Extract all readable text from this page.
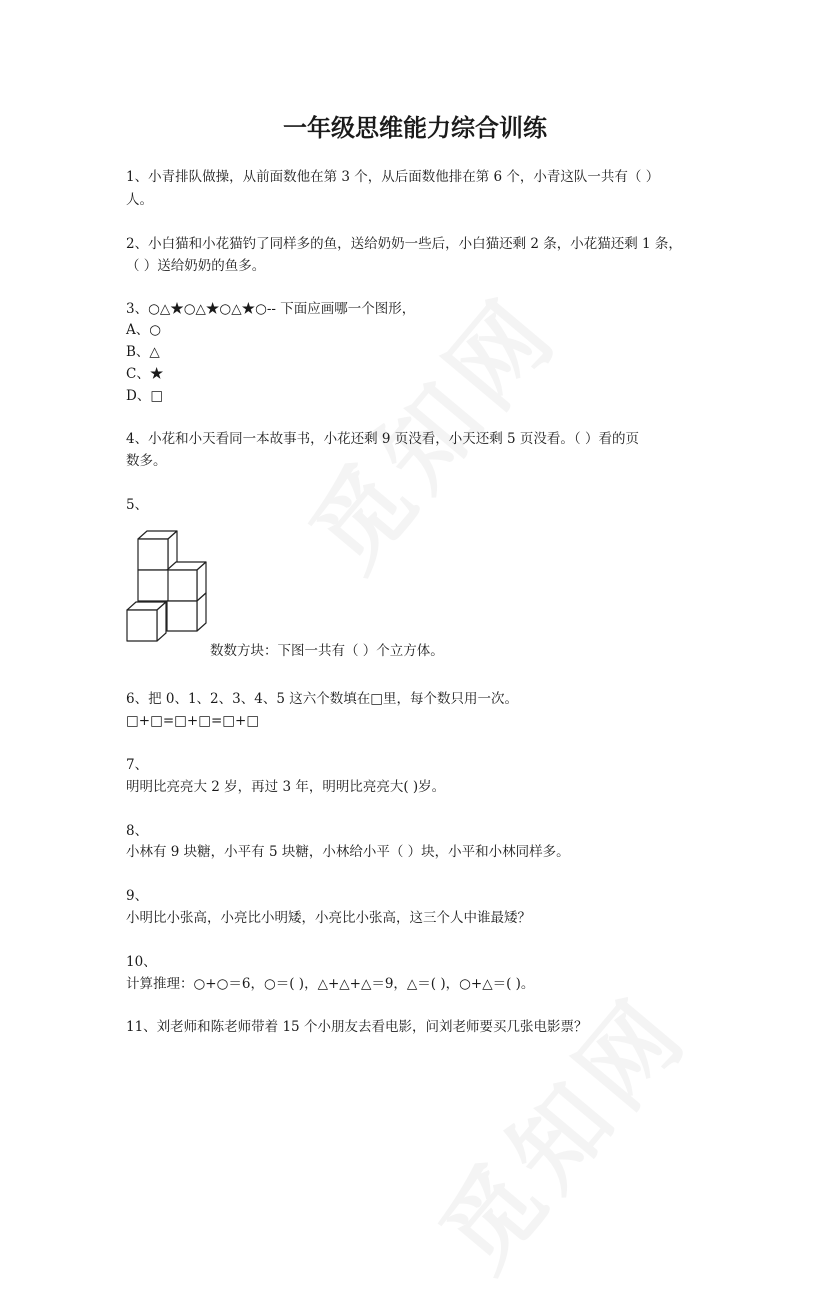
一年级思维能力综合训练
1、小青排队做操，从前面数他在第 3 个，从后面数他排在第 6 个，小青这队一共有（ ）
人。
2、小白猫和小花猫钓了同样多的鱼，送给奶奶一些后，小白猫还剩 2 条，小花猫还剩 1 条，
（ ）送给奶奶的鱼多。
3、○△★○△★○△★○-- 下面应画哪一个图形，
A、○
B、△
C、★
D、□
4、小花和小天看同一本故事书，小花还剩 9 页没看，小天还剩 5 页没看。（ ）看的页
数多。
5、
数数方块：下图一共有（ ）个立方体。
6、把 0、1、2、3、4、5 这六个数填在□里，每个数只用一次。
□+□=□+□=□+□
7、
明明比亮亮大 2 岁，再过 3 年，明明比亮亮大( )岁。
8、
小林有 9 块糖，小平有 5 块糖，小林给小平（ ）块，小平和小林同样多。
9、
小明比小张高，小亮比小明矮，小亮比小张高，这三个人中谁最矮？
10、
计算推理：○+○＝6，○＝( )，△+△+△＝9，△＝( )，○+△＝( )。
11、刘老师和陈老师带着 15 个小朋友去看电影，问刘老师要买几张电影票？
